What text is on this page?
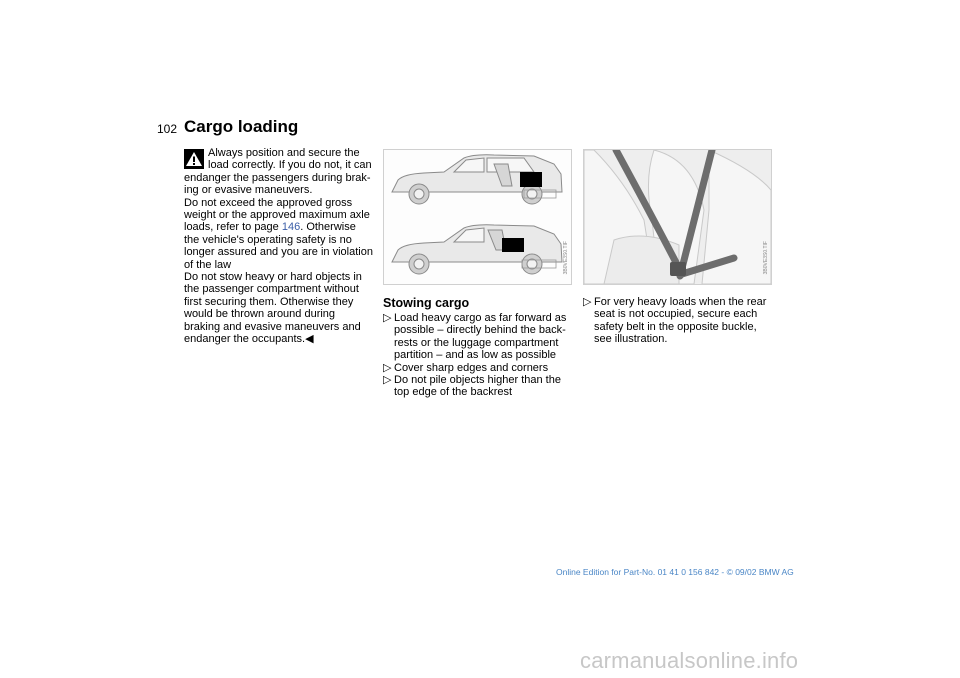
102 Cargo loading

Always position and secure the load correctly. If you do not, it can

endanger the passengers during brak-ing or evasive maneuvers.

Do not exceed the approved gross weight or the approved maximum axle loads, refer to page 146. Otherwise the vehicle's operating safety is no longer assured and you are in violation of the law

Do not stow heavy or hard objects in the passenger compartment without first securing them. Otherwise they would be thrown around during braking and evasive maneuvers and endanger the occupants.◀

3B0VE3S0.TIF	3B0VE3S0.TIF
Stowing cargo
▷ Load heavy cargo as far forward as possible – directly behind the back-rests or the luggage compartment partition – and as low as possible
▷ Cover sharp edges and corners
▷ Do not pile objects higher than the top edge of the backrest
▷ For very heavy loads when the rear seat is not occupied, secure each safety belt in the opposite buckle, see illustration.
Online Edition for Part-No. 01 41 0 156 842 - © 09/02 BMW AG
carmanualsonline.info
